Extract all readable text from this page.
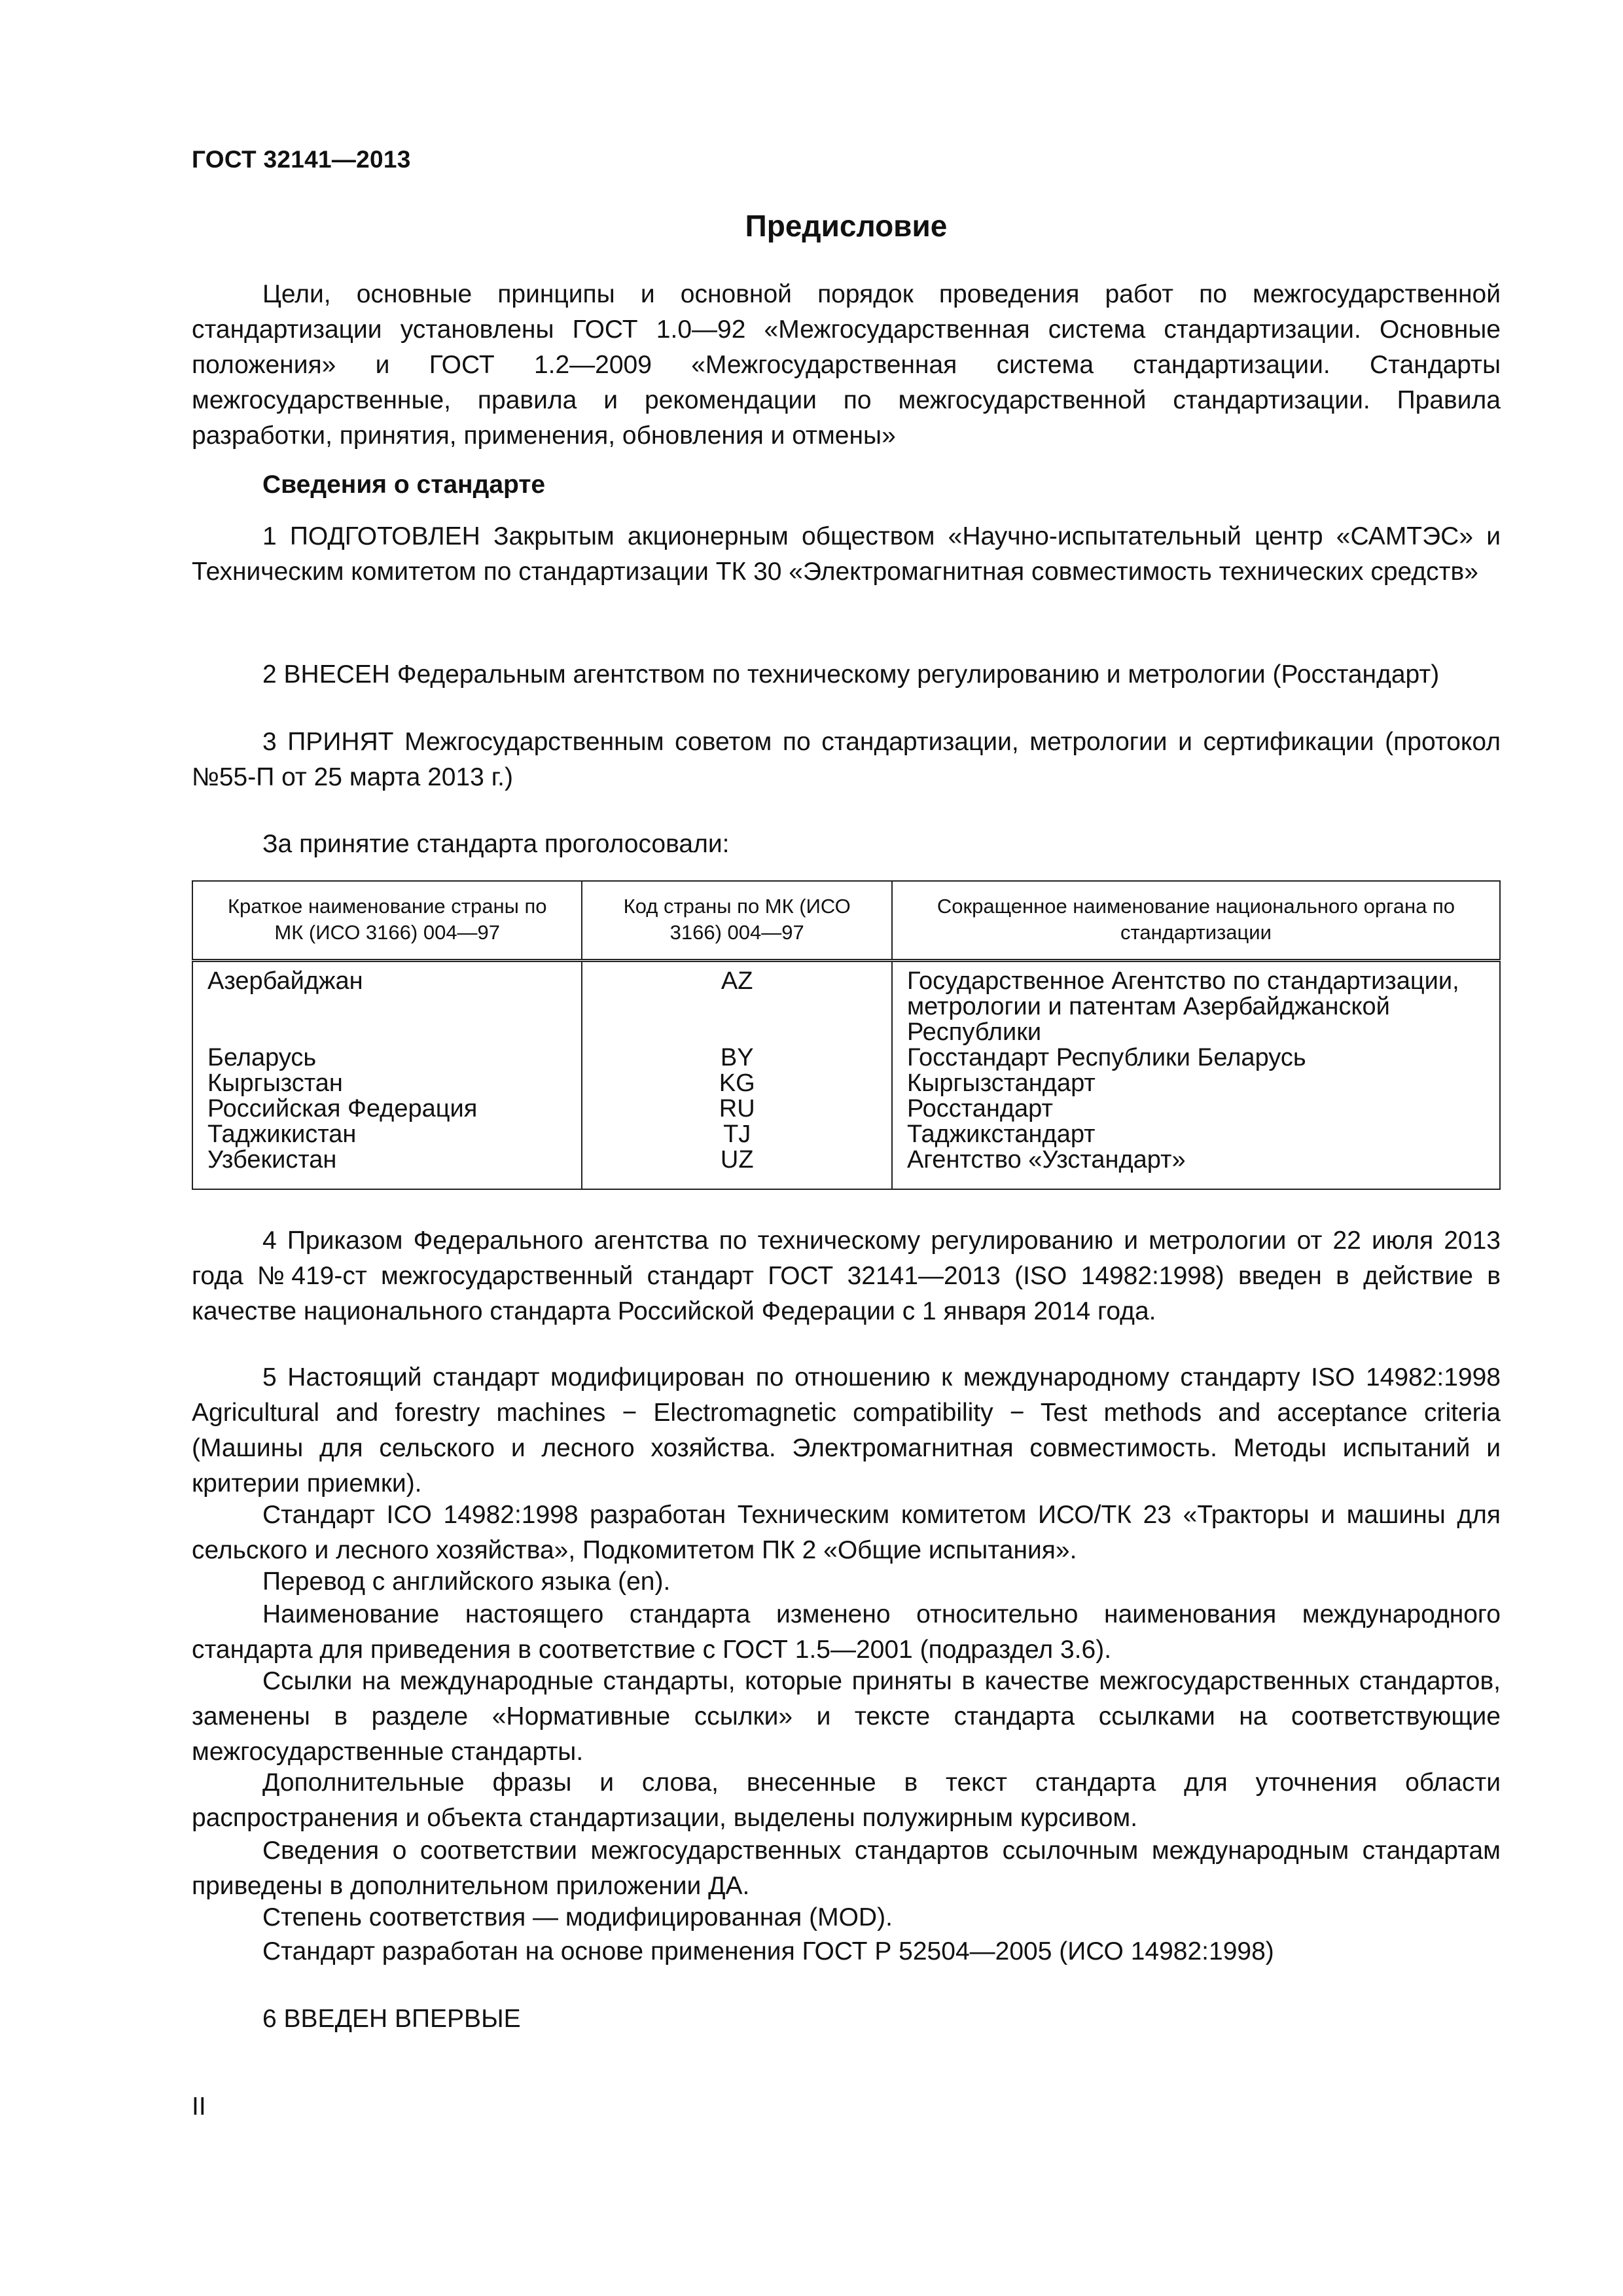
ГОСТ 32141—2013
Предисловие

Цели, основные принципы и основной порядок проведения работ по межгосударственной стандартизации установлены ГОСТ 1.0—92 «Межгосударственная система стандартизации. Основные положения» и ГОСТ 1.2—2009 «Межгосударственная система стандартизации. Стандарты межгосударственные, правила и рекомендации по межгосударственной стандартизации. Правила разработки, принятия, применения, обновления и отмены»

Сведения о стандарте

1 ПОДГОТОВЛЕН Закрытым акционерным обществом «Научно-испытательный центр «САМТЭС» и Техническим комитетом по стандартизации ТК 30 «Электромагнитная совместимость технических средств»

2 ВНЕСЕН Федеральным агентством по техническому регулированию и метрологии (Росстандарт)

3 ПРИНЯТ Межгосударственным советом по стандартизации, метрологии и сертификации (протокол №55-П от 25 марта 2013 г.)

За принятие стандарта проголосовали:

Краткое наименование страны по МК (ИСО 3166) 004—97	Код страны по МК (ИСО 3166) 004—97	Сокращенное наименование национального органа по стандартизации
Азербайджан	AZ	Государственное Агентство по стандартизации, метрологии и патентам Азербайджанской Республики
Беларусь	BY	Госстандарт Республики Беларусь
Кыргызстан	KG	Кыргызстандарт
Российская Федерация	RU	Росстандарт
Таджикистан	TJ	Таджикстандарт
Узбекистан	UZ	Агентство «Узстандарт»

4 Приказом Федерального агентства по техническому регулированию и метрологии от 22 июля 2013 года №419-ст межгосударственный стандарт ГОСТ 32141—2013 (ISO 14982:1998) введен в действие в качестве национального стандарта Российской Федерации с 1 января 2014 года.

5 Настоящий стандарт модифицирован по отношению к международному стандарту ISO 14982:1998 Agricultural and forestry machines − Electromagnetic compatibility − Test methods and acceptance criteria (Машины для сельского и лесного хозяйства. Электромагнитная совместимость. Методы испытаний и критерии приемки).

Стандарт ICO 14982:1998 разработан Техническим комитетом ИСО/ТК 23 «Тракторы и машины для сельского и лесного хозяйства», Подкомитетом ПК 2 «Общие испытания».

Перевод с английского языка (en).

Наименование настоящего стандарта изменено относительно наименования международного стандарта для приведения в соответствие с ГОСТ 1.5—2001 (подраздел 3.6).

Ссылки на международные стандарты, которые приняты в качестве межгосударственных стандартов, заменены в разделе «Нормативные ссылки» и тексте стандарта ссылками на соответствующие межгосударственные стандарты.

Дополнительные фразы и слова, внесенные в текст стандарта для уточнения области распространения и объекта стандартизации, выделены полужирным курсивом.

Сведения о соответствии межгосударственных стандартов ссылочным международным стандартам приведены в дополнительном приложении ДА.

Степень соответствия — модифицированная (MOD).

Стандарт разработан на основе применения ГОСТ Р 52504—2005 (ИСО 14982:1998)

6 ВВЕДЕН ВПЕРВЫЕ

II
